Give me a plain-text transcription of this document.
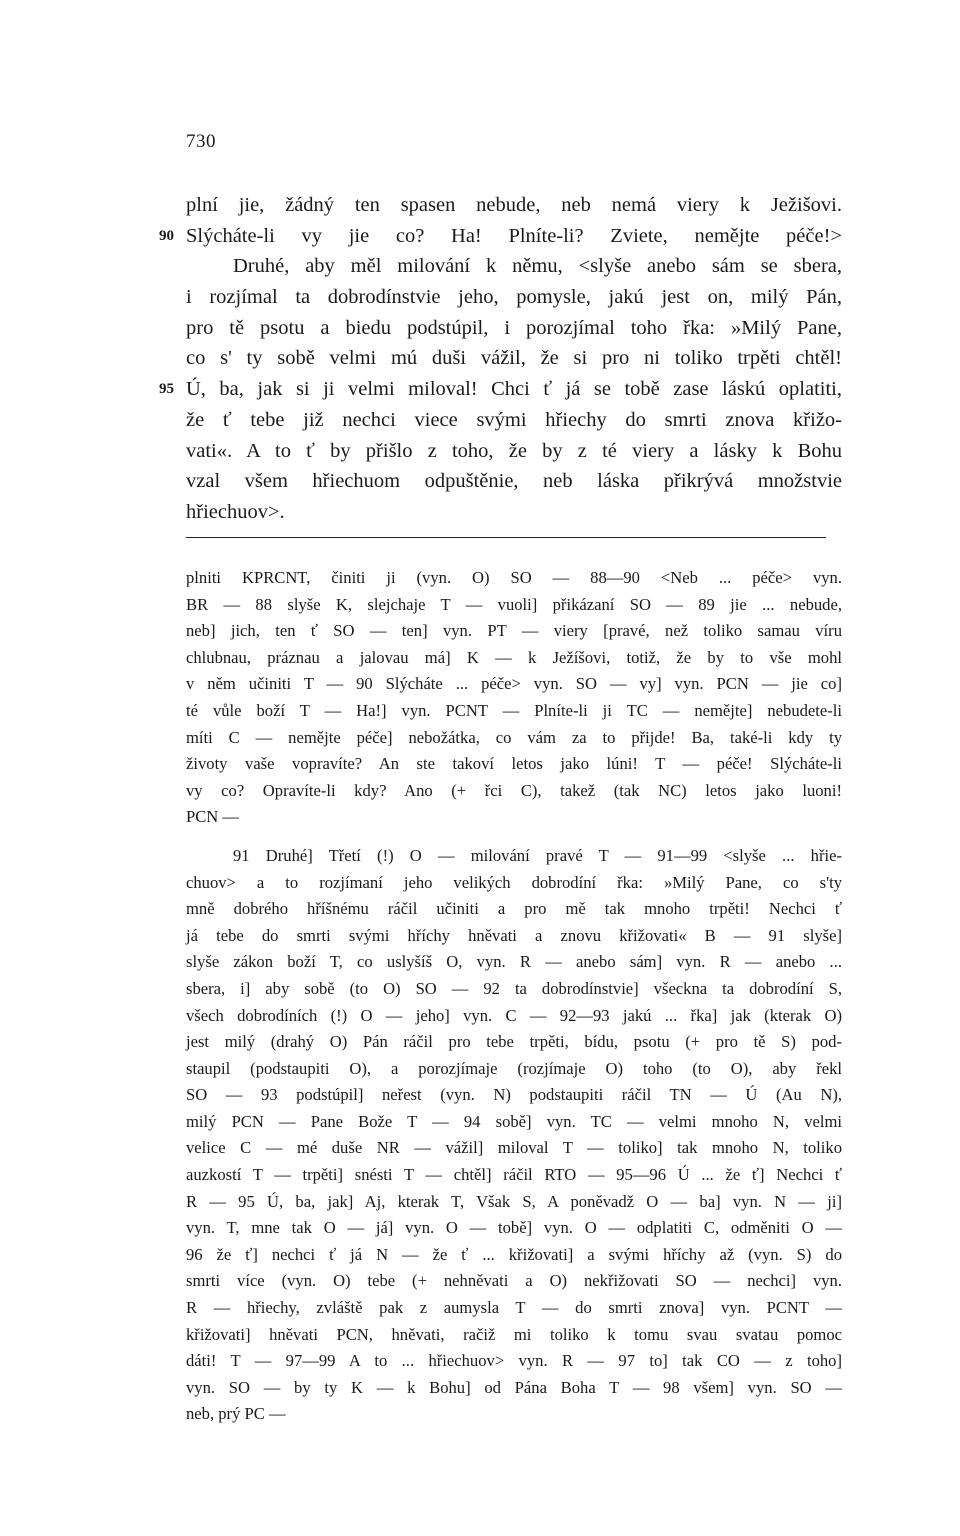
730
plní jie, žádný ten spasen nebude, neb nemá viery k Ježišovi.
90 Slýcháte-li vy jie co? Ha! Plníte-li? Zviete, nemějte péče!>
Druhé, aby měl milování k němu, <slyše anebo sám se sbera,
i rozjímal ta dobrodínstvie jeho, pomysle, jakú jest on, milý Pán,
pro tě psotu a biedu podstúpil, i porozjímal toho řka: »Milý Pane,
co s' ty sobě velmi mú duši vážil, že si pro ni toliko trpěti chtěl!
95 Ú, ba, jak si ji velmi miloval! Chci ť já se tobě zase láskú oplatiti,
že ť tebe již nechci viece svými hřiechy do smrti znova křižo-
vati«. A to ť by přišlo z toho, že by z té viery a lásky k Bohu
vzal všem hřiechuom odpuštěnie, neb láska přikrývá množstvie
hřiechuov>.
plniti KPRCNT, činiti ji (vyn. O) SO — 88—90 <Neb ... péče> vyn.
BR — 88 slyše K, slejchaje T — vuoli] přikázaní SO — 89 jie ... nebude,
neb] jich, ten ť SO — ten] vyn. PT — viery [pravé, než toliko samau víru
chlubnau, práznau a jalovau má] K — k Ježíšovi, totiž, že by to vše mohl
v něm učiniti T — 90 Slýcháte ... péče> vyn. SO — vy] vyn. PCN — jie co]
té vůle boží T — Ha!] vyn. PCNT — Plníte-li ji TC — nemějte] nebudete-li
míti C — nemějte péče] nebožátka, co vám za to přijde! Ba, také-li kdy ty
životy vaše vopravíte? An ste takoví letos jako lúni! T — péče! Slýcháte-li
vy co? Opravíte-li kdy? Ano (+ řci C), takež (tak NC) letos jako luoni!
PCN —
91 Druhé] Třetí (!) O — milování pravé T — 91—99 <slyše ... hřie-
chuov> a to rozjímaní jeho velikých dobrodíní řka: »Milý Pane, co s'ty
mně dobrého hříšnému ráčil učiniti a pro mě tak mnoho trpěti! Nechci ť
já tebe do smrti svými hříchy hněvati a znovu křižovati« B — 91 slyše]
slyše zákon boží T, co uslyšíš O, vyn. R — anebo sám] vyn. R — anebo ...
sbera, i] aby sobě (to O) SO — 92 ta dobrodínstvie] všeckna ta dobrodíní S,
všech dobrodíních (!) O — jeho] vyn. C — 92—93 jakú ... řka] jak (kterak O)
jest milý (drahý O) Pán ráčil pro tebe trpěti, bídu, psotu (+ pro tě S) pod-
staupil (podstaupiti O), a porozjímaje (rozjímaje O) toho (to O), aby řekl
SO — 93 podstúpil] neřest (vyn. N) podstaupiti ráčil TN — Ú (Au N),
milý PCN — Pane Bože T — 94 sobě] vyn. TC — velmi mnoho N, velmi
velice C — mé duše NR — vážil] miloval T — toliko] tak mnoho N, toliko
auzkostí T — trpěti] snésti T — chtěl] ráčil RTO — 95—96 Ú ... že ť] Nechci ť
R — 95 Ú, ba, jak] Aj, kterak T, Však S, A poněvadž O — ba] vyn. N — ji]
vyn. T, mne tak O — já] vyn. O — tobě] vyn. O — odplatiti C, odměniti O —
96 že ť] nechci ť já N — že ť ... křižovati] a svými hříchy až (vyn. S) do
smrti více (vyn. O) tebe (+ nehněvati a O) nekřižovati SO — nechci] vyn.
R — hřiechy, zvláště pak z aumysla T — do smrti znova] vyn. PCNT —
křižovati] hněvati PCN, hněvati, račiž mi toliko k tomu svau svatau pomoc
dáti! T — 97—99 A to ... hřiechuov> vyn. R — 97 to] tak CO — z toho]
vyn. SO — by ty K — k Bohu] od Pána Boha T — 98 všem] vyn. SO —
neb, prý PC —
